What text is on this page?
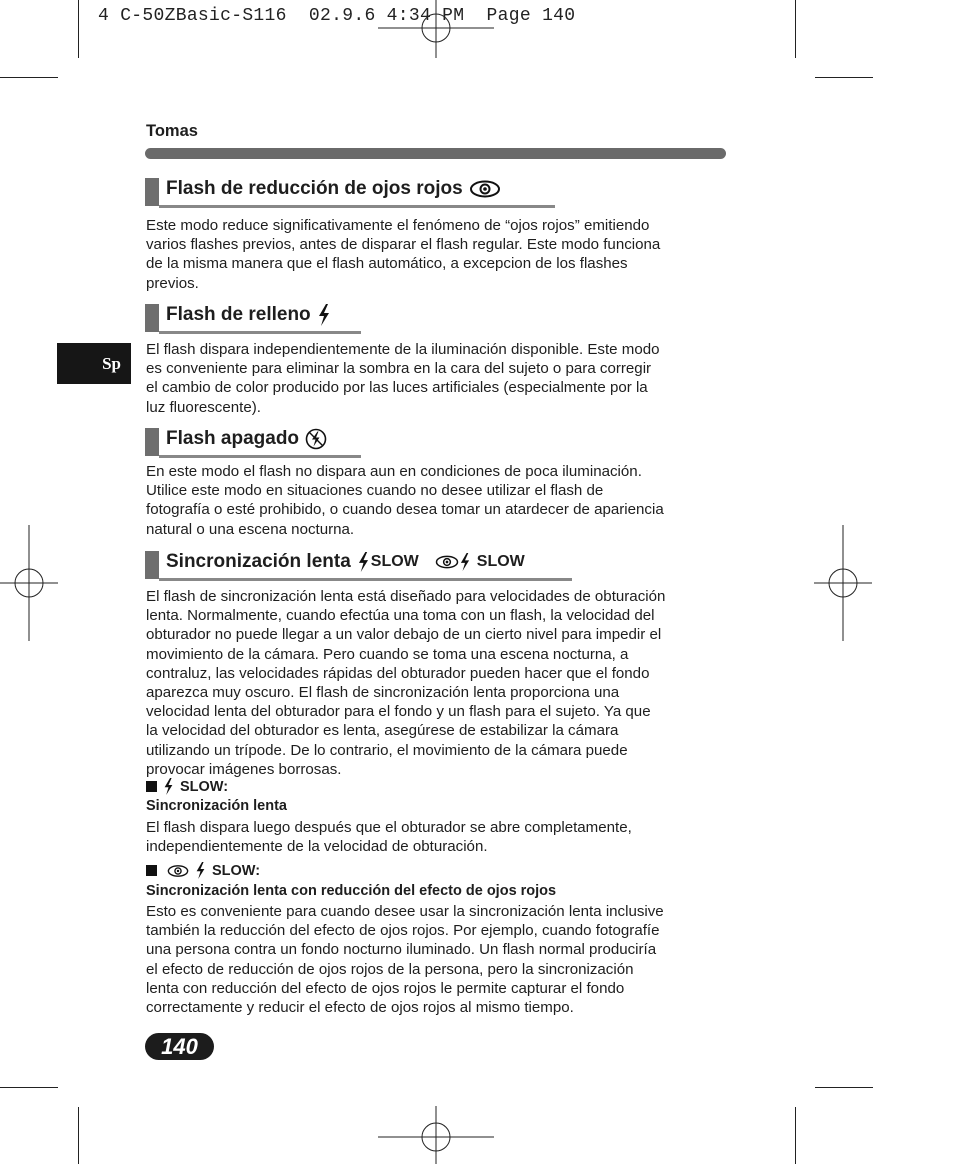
4 C-50ZBasic-S116  02.9.6 4:34 PM  Page 140
Tomas
Sp
Flash de reducción de ojos rojos
Este modo reduce significativamente el fenómeno de “ojos rojos” emitiendo
varios flashes previos, antes de disparar el flash regular. Este modo funciona
de la misma manera que el flash automático, a excepcion de los flashes
previos.
Flash de relleno
El flash dispara independientemente de la iluminación disponible. Este modo
es conveniente para eliminar la sombra en la cara del sujeto o para corregir
el cambio de color producido por las luces artificiales (especialmente por la
luz fluorescente).
Flash apagado
En este modo el flash no dispara aun en condiciones de poca iluminación.
Utilice este modo en situaciones cuando no desee utilizar el flash de
fotografía o esté prohibido, o cuando desea tomar un atardecer de apariencia
natural o una escena nocturna.
Sincronización lenta SLOW	SLOW
El flash de sincronización lenta está diseñado para velocidades de obturación
lenta. Normalmente, cuando efectúa una toma con un flash, la velocidad del
obturador no puede llegar a un valor debajo de un cierto nivel para impedir el
movimiento de la cámara. Pero cuando se toma una escena nocturna, a
contraluz, las velocidades rápidas del obturador pueden hacer que el fondo
aparezca muy oscuro. El flash de sincronización lenta proporciona una
velocidad lenta del obturador para el fondo y un flash para el sujeto. Ya que
la velocidad del obturador es lenta, asegúrese de estabilizar la cámara
utilizando un trípode. De lo contrario, el movimiento de la cámara puede
provocar imágenes borrosas.
SLOW:
Sincronización lenta
El flash dispara luego después que el obturador se abre completamente,
independientemente de la velocidad de obturación.
SLOW:
Sincronización lenta con reducción del efecto de ojos rojos
Esto es conveniente para cuando desee usar la sincronización lenta inclusive
también la reducción del efecto de ojos rojos. Por ejemplo, cuando fotografíe
una persona contra un fondo nocturno iluminado. Un flash normal produciría
el efecto de reducción de ojos rojos de la persona, pero la sincronización
lenta con reducción del efecto de ojos rojos le permite capturar el fondo
correctamente y reducir el efecto de ojos rojos al mismo tiempo.
140
